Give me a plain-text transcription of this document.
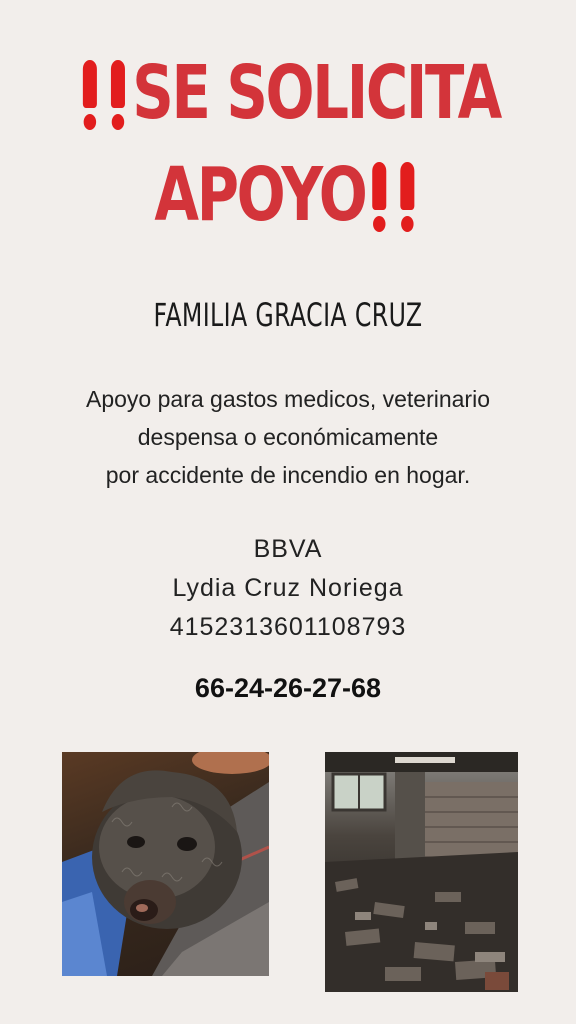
SE SOLICITA
APOYO
FAMILIA GRACIA CRUZ
Apoyo para gastos medicos, veterinario
despensa o económicamente
por accidente de incendio en hogar.
BBVA
Lydia Cruz Noriega
4152313601108793
66-24-26-27-68
